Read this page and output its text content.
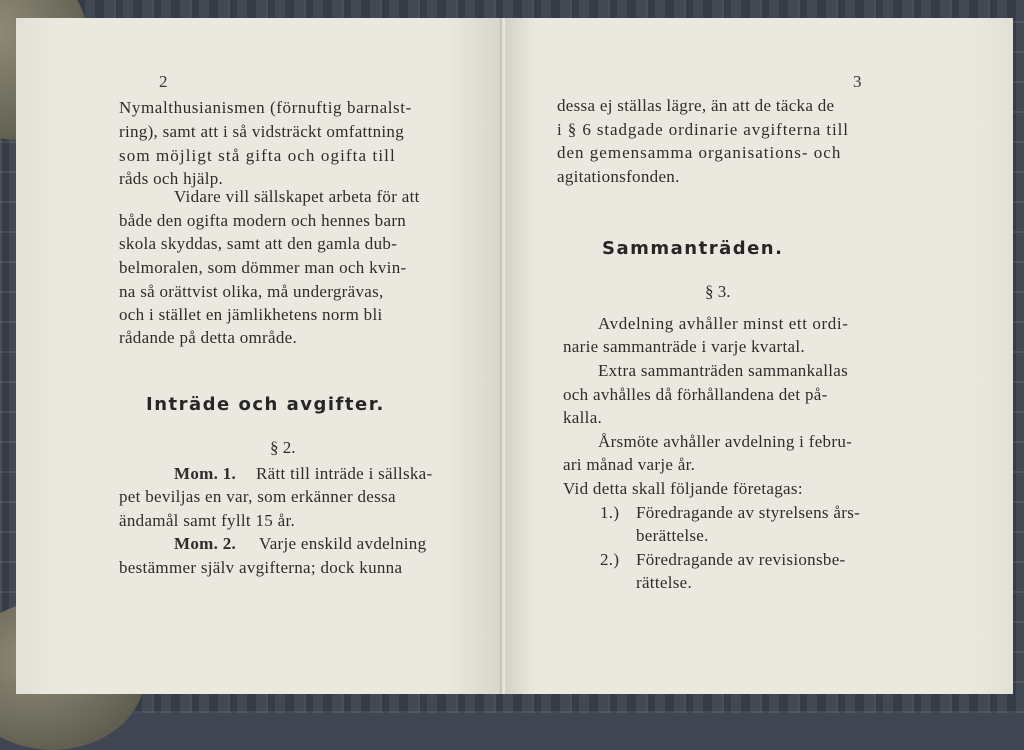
2
Nymalthusianismen (förnuftig barnalst-
ring), samt att i så vidsträckt omfattning
som möjligt stå gifta och ogifta till
råds och hjälp.
Vidare vill sällskapet arbeta för att
både den ogifta modern och hennes barn
skola skyddas, samt att den gamla dub-
belmoralen, som dömmer man och kvin-
na så orättvist olika, må undergrävas,
och i stället en jämlikhetens norm bli
rådande på detta område.
Inträde och avgifter.
§ 2.
Mom. 1. Rätt till inträde i sällska-
pet beviljas en var, som erkänner dessa
ändamål samt fyllt 15 år.
Mom. 2. Varje enskild avdelning
bestämmer själv avgifterna; dock kunna
3
dessa ej ställas lägre, än att de täcka de
i § 6 stadgade ordinarie avgifterna till
den gemensamma organisations- och
agitationsfonden.
Sammanträden.
§ 3.
Avdelning avhåller minst ett ordi-
narie sammanträde i varje kvartal.
Extra sammanträden sammankallas
och avhålles då förhållandena det på-
kalla.
Årsmöte avhåller avdelning i febru-
ari månad varje år.
Vid detta skall följande företagas:
1.) Föredragande av styrelsens års-
berättelse.
2.) Föredragande av revisionsbe-
rättelse.
